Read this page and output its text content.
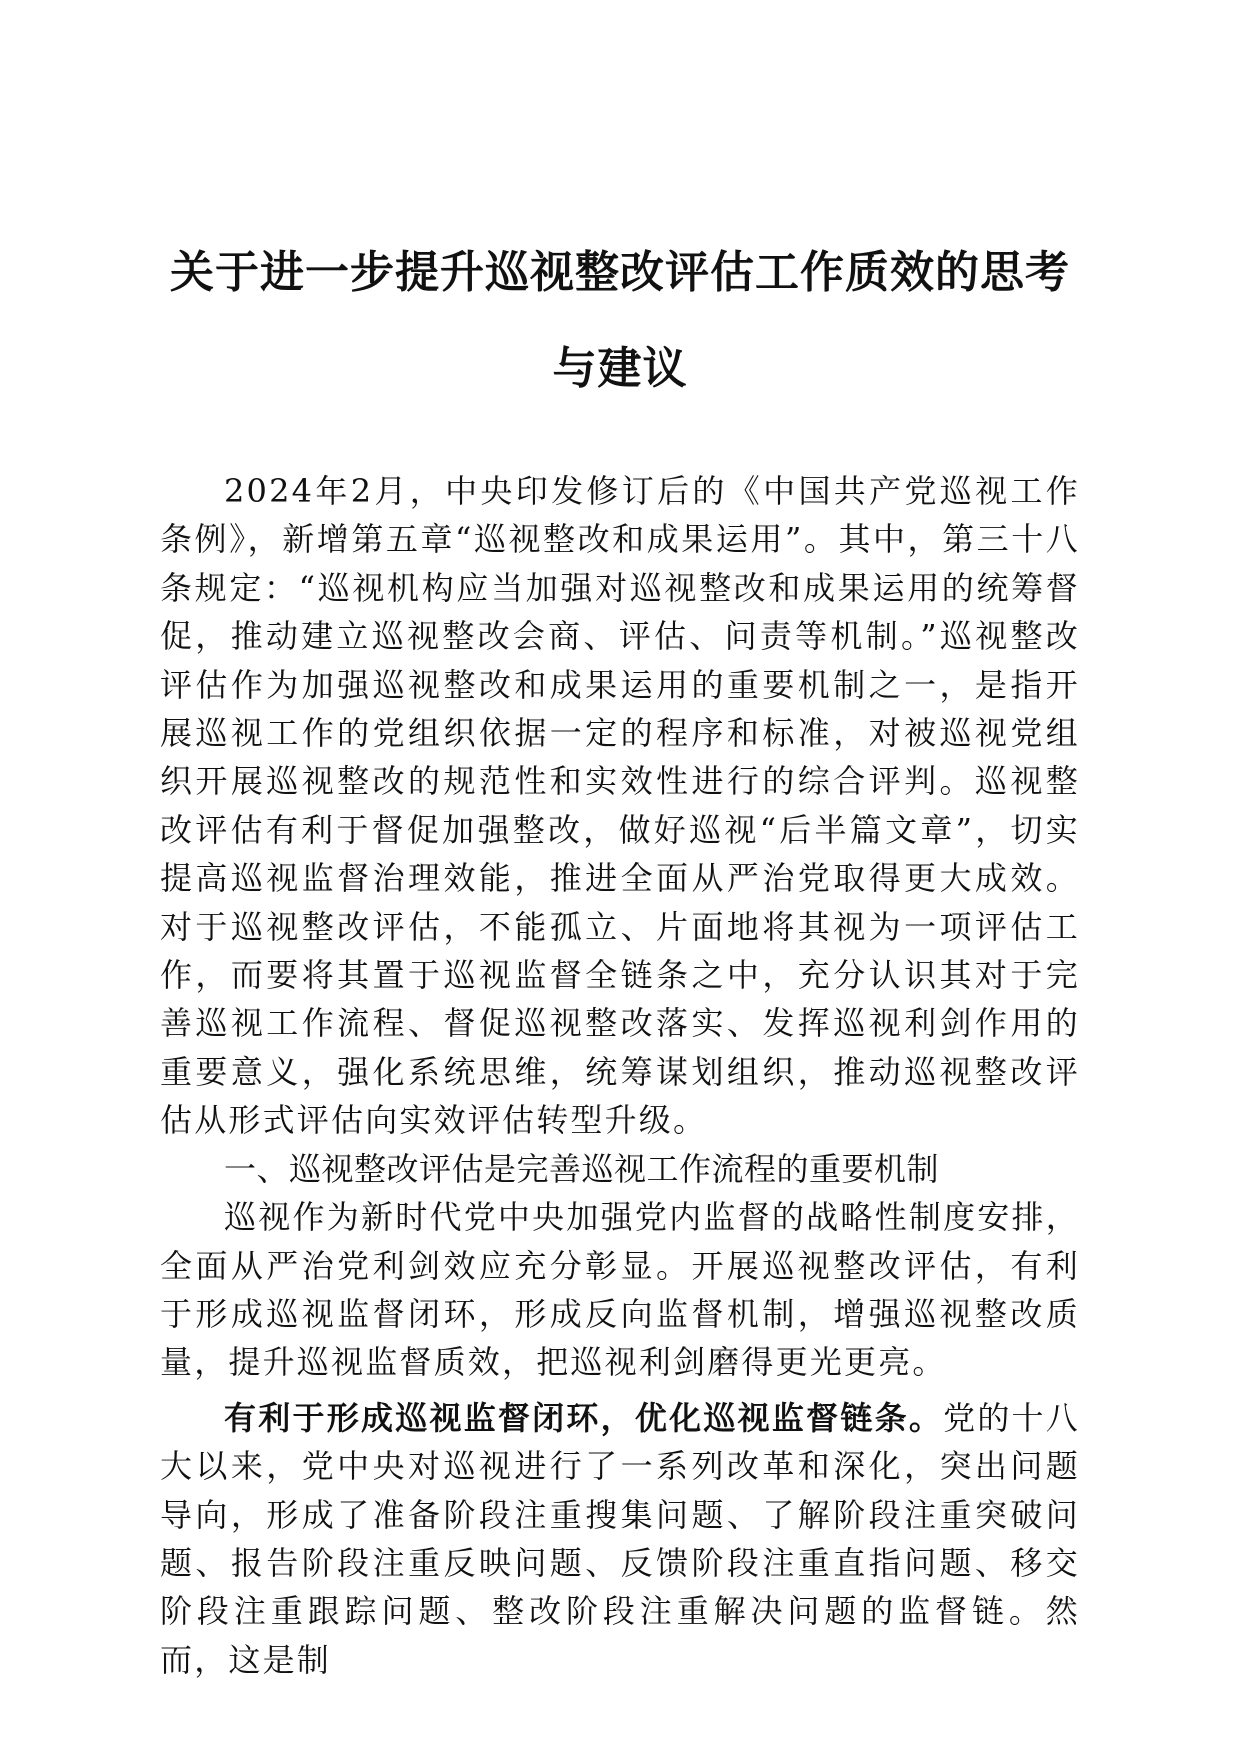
关于进一步提升巡视整改评估工作质效的思考
与建议

2024年2月，中央印发修订后的《中国共产党巡视工作条例》，新增第五章“巡视整改和成果运用”。其中，第三十八条规定：“巡视机构应当加强对巡视整改和成果运用的统筹督促，推动建立巡视整改会商、评估、问责等机制。”巡视整改评估作为加强巡视整改和成果运用的重要机制之一，是指开展巡视工作的党组织依据一定的程序和标准，对被巡视党组织开展巡视整改的规范性和实效性进行的综合评判。巡视整改评估有利于督促加强整改，做好巡视“后半篇文章”，切实提高巡视监督治理效能，推进全面从严治党取得更大成效。对于巡视整改评估，不能孤立、片面地将其视为一项评估工作，而要将其置于巡视监督全链条之中，充分认识其对于完善巡视工作流程、督促巡视整改落实、发挥巡视利剑作用的重要意义，强化系统思维，统筹谋划组织，推动巡视整改评估从形式评估向实效评估转型升级。

一、巡视整改评估是完善巡视工作流程的重要机制

巡视作为新时代党中央加强党内监督的战略性制度安排，全面从严治党利剑效应充分彰显。开展巡视整改评估，有利于形成巡视监督闭环，形成反向监督机制，增强巡视整改质量，提升巡视监督质效，把巡视利剑磨得更光更亮。

有利于形成巡视监督闭环，优化巡视监督链条。党的十八大以来，党中央对巡视进行了一系列改革和深化，突出问题导向，形成了准备阶段注重搜集问题、了解阶段注重突破问题、报告阶段注重反映问题、反馈阶段注重直指问题、移交阶段注重跟踪问题、整改阶段注重解决问题的监督链。然而，这是制
